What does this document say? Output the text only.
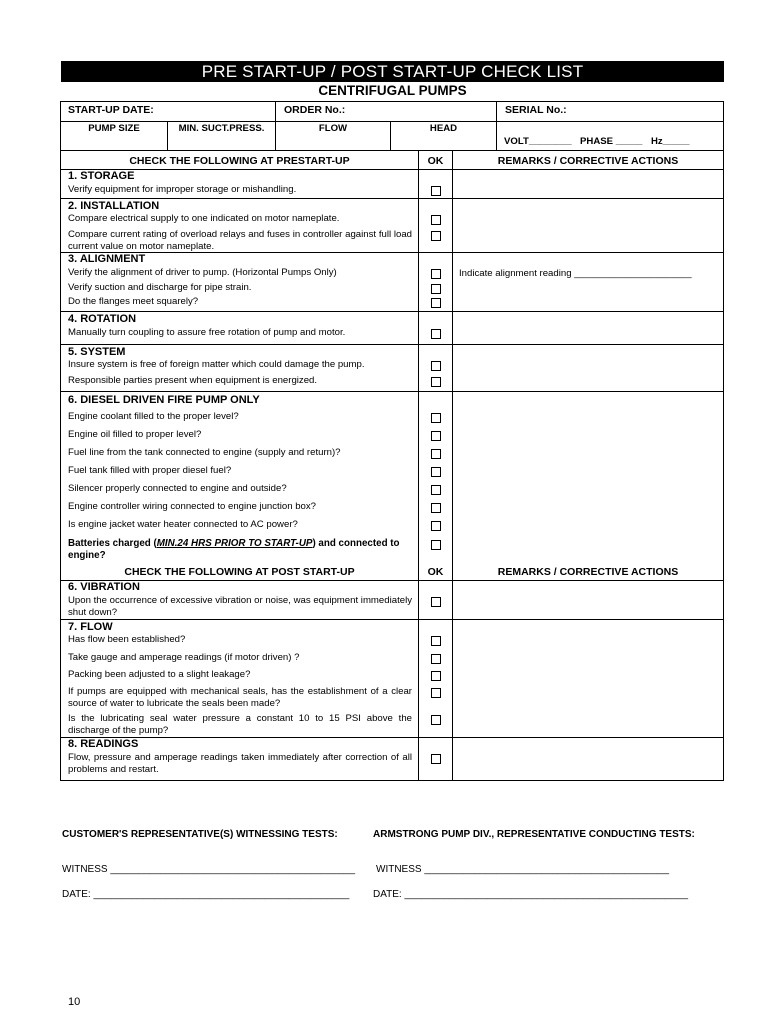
PRE START-UP / POST START-UP CHECK LIST
CENTRIFUGAL PUMPS
START-UP DATE:	ORDER No.:	SERIAL No.:
PUMP SIZE	MIN. SUCT.PRESS.	FLOW	HEAD
VOLT________ PHASE _____ Hz_____
CHECK THE FOLLOWING AT PRESTART-UP	OK	REMARKS / CORRECTIVE ACTIONS
1. STORAGE
Verify equipment for improper storage or mishandling.
2. INSTALLATION
Compare electrical supply to one indicated on motor nameplate.
Compare current rating of overload relays and fuses in controller against full load current value on motor nameplate.
3. ALIGNMENT
Verify the alignment of driver to pump. (Horizontal Pumps Only)
Verify suction and discharge for pipe strain.
Do the flanges meet squarely?
Indicate alignment reading ______________________
4. ROTATION
Manually turn coupling to assure free rotation of pump and motor.
5. SYSTEM
Insure system is free of foreign matter which could damage the pump.
Responsible parties present when equipment is energized.
6. DIESEL DRIVEN FIRE PUMP ONLY
Engine coolant filled to the proper level?
Engine oil filled to proper level?
Fuel line from the tank connected to engine (supply and return)?
Fuel tank filled with proper diesel fuel?
Silencer properly connected to engine and outside?
Engine controller wiring connected to engine junction box?
Is engine jacket water heater connected to AC power?
Batteries charged (MIN.24 HRS PRIOR TO START-UP) and connected to engine?
CHECK THE FOLLOWING AT POST START-UP	OK	REMARKS / CORRECTIVE ACTIONS
6. VIBRATION
Upon the occurrence of excessive vibration or noise, was equipment immediately shut down?
7. FLOW
Has flow been established?
Take gauge and amperage readings (if motor driven) ?
Packing been adjusted to a slight leakage?
If pumps are equipped with mechanical seals, has the establishment of a clear source of water to lubricate the seals been made?
Is the lubricating seal water pressure a constant 10 to 15 PSI above the discharge of the pump?
8. READINGS
Flow, pressure and amperage readings taken immediately after correction of all problems and restart.
CUSTOMER'S REPRESENTATIVE(S) WITNESSING TESTS:	ARMSTRONG PUMP DIV., REPRESENTATIVE CONDUCTING TESTS:
WITNESS ____________________________________________
DATE: ______________________________________________
WITNESS ____________________________________________
DATE: ___________________________________________________
10
